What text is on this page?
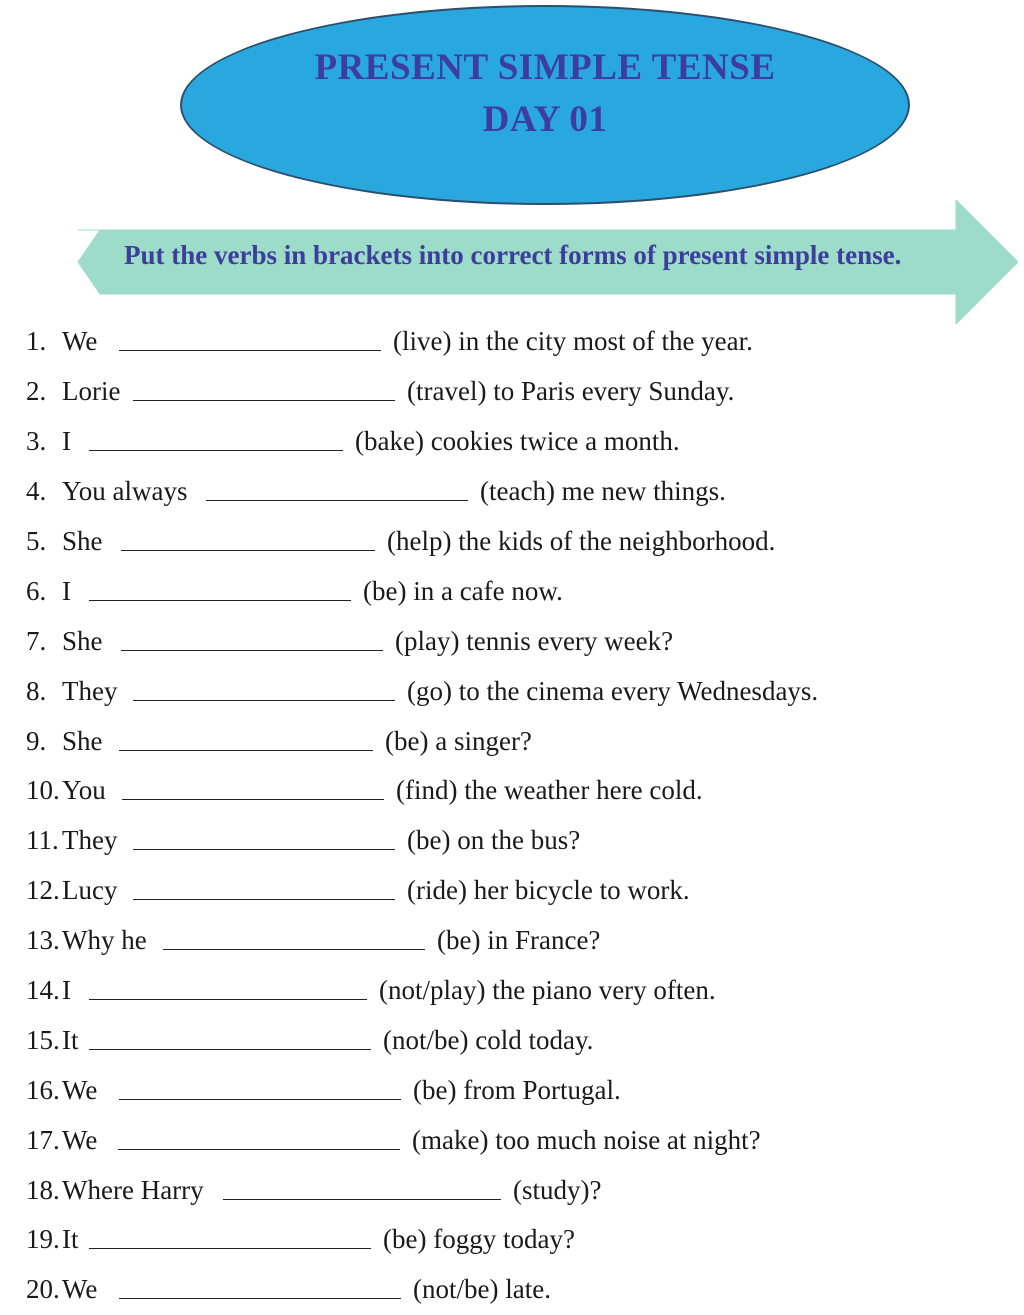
PRESENT SIMPLE TENSE
DAY 01
Put the verbs in brackets into correct forms of present simple tense.
1. We	(live) in the city most of the year.
2. Lorie	(travel) to Paris every Sunday.
3. I	(bake) cookies twice a month.
4. You always	(teach) me new things.
5. She	(help) the kids of the neighborhood.
6. I	(be) in a cafe now.
7. She	(play) tennis every week?
8. They	(go) to the cinema every Wednesdays.
9. She	(be) a singer?
10. You	(find) the weather here cold.
11. They	(be) on the bus?
12. Lucy	(ride) her bicycle to work.
13. Why he	(be) in France?
14. I	(not/play) the piano very often.
15. It	(not/be) cold today.
16. We	(be) from Portugal.
17. We	(make) too much noise at night?
18. Where Harry	(study)?
19. It	(be) foggy today?
20. We	(not/be) late.
